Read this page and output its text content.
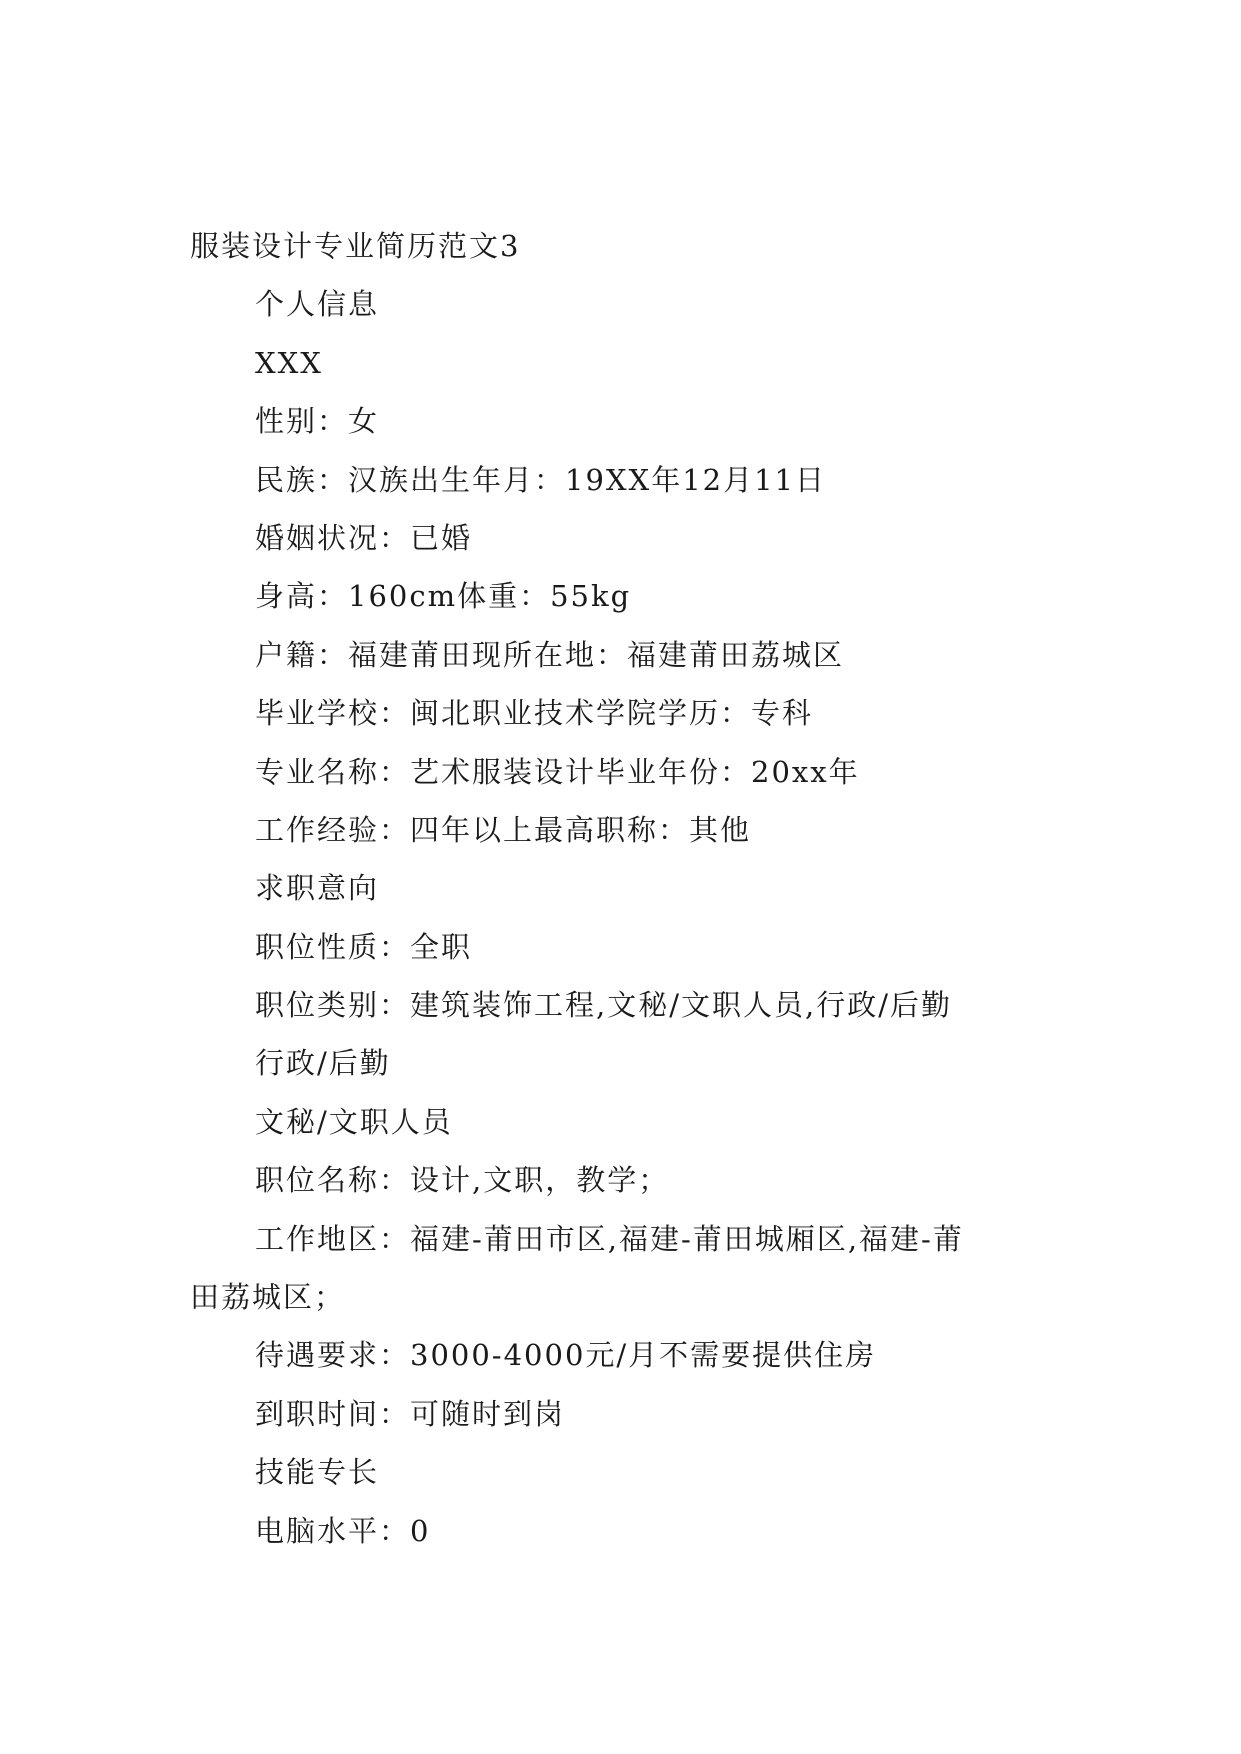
服装设计专业简历范文3
个人信息
XXX
性别：女
民族：汉族出生年月：19XX年12月11日
婚姻状况：已婚
身高：160cm体重：55kg
户籍：福建莆田现所在地：福建莆田荔城区
毕业学校：闽北职业技术学院学历：专科
专业名称：艺术服装设计毕业年份：20xx年
工作经验：四年以上最高职称：其他
求职意向
职位性质：全职
职位类别：建筑装饰工程,文秘/文职人员,行政/后勤
行政/后勤
文秘/文职人员
职位名称：设计,文职，教学；
工作地区：福建-莆田市区,福建-莆田城厢区,福建-莆
田荔城区；
待遇要求：3000-4000元/月不需要提供住房
到职时间：可随时到岗
技能专长
电脑水平：0
